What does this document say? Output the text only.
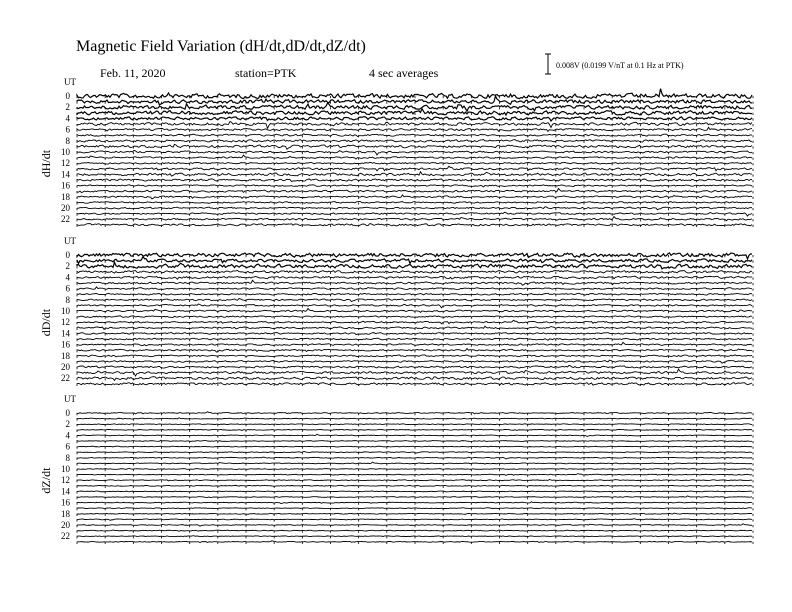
Magnetic Field Variation (dH/dt,dD/dt,dZ/dt)
Feb. 11, 2020	station=PTK	4 sec averages
0.008V (0.0199 V/nT at 0.1 Hz at PTK)
UT
dH/dt
0
2
4
6
8
10
12
14
16
18
20
22
UT
dD/dt
0
2
4
6
8
10
12
14
16
18
20
22
UT
dZ/dt
0
2
4
6
8
10
12
14
16
18
20
22
